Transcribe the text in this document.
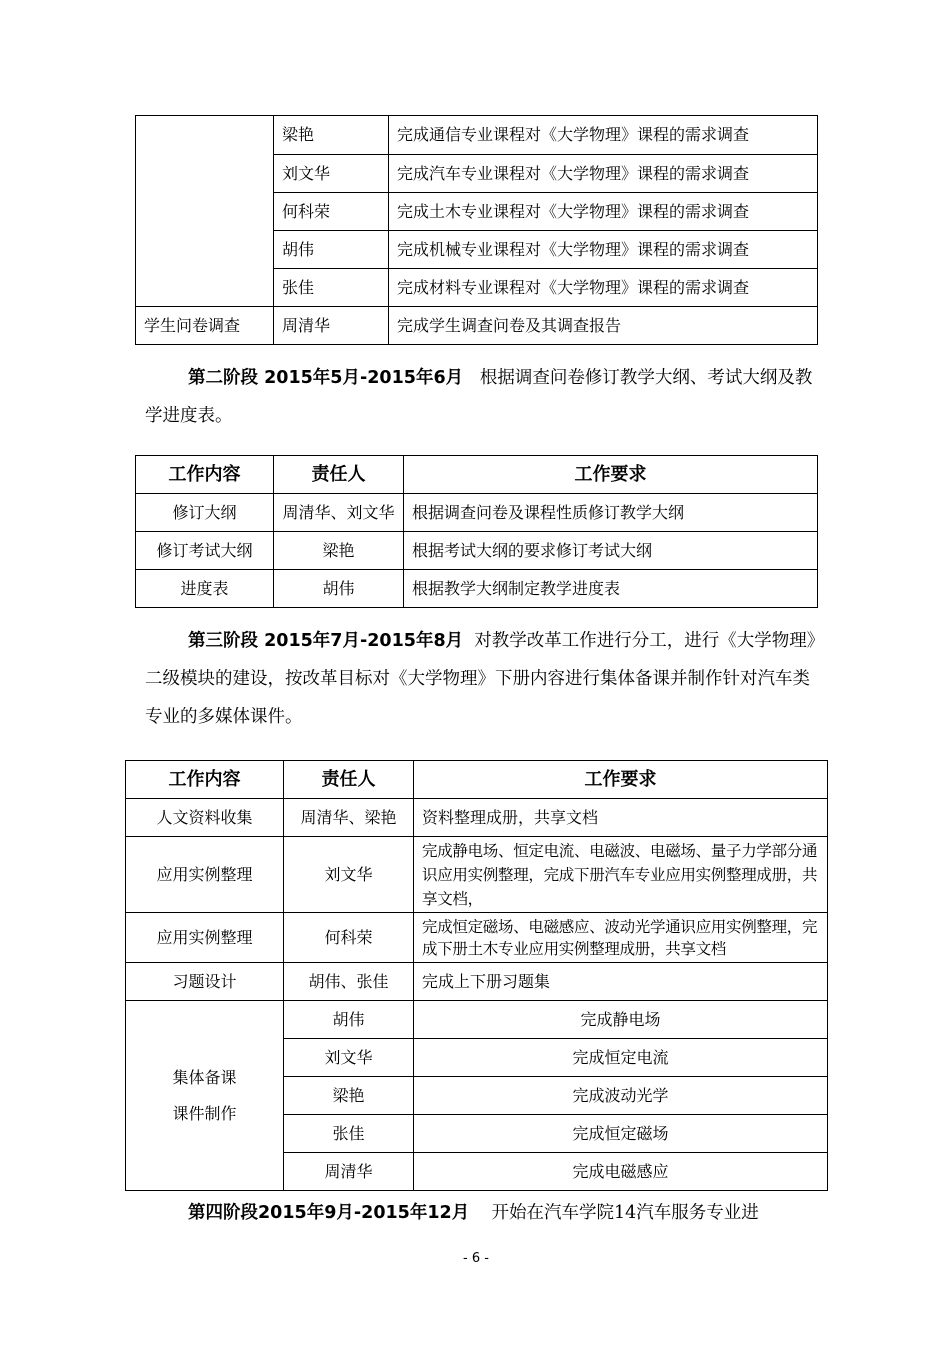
	梁艳	完成通信专业课程对《大学物理》课程的需求调查
	刘文华	完成汽车专业课程对《大学物理》课程的需求调查
	何科荣	完成土木专业课程对《大学物理》课程的需求调查
	胡伟	完成机械专业课程对《大学物理》课程的需求调查
	张佳	完成材料专业课程对《大学物理》课程的需求调查
学生问卷调查	周清华	完成学生调查问卷及其调查报告

第二阶段 2015年5月-2015年6月 根据调查问卷修订教学大纲、考试大纲及教学进度表。

工作内容	责任人	工作要求
修订大纲	周清华、刘文华	根据调查问卷及课程性质修订教学大纲
修订考试大纲	梁艳	根据考试大纲的要求修订考试大纲
进度表	胡伟	根据教学大纲制定教学进度表

第三阶段 2015年7月-2015年8月 对教学改革工作进行分工，进行《大学物理》二级模块的建设，按改革目标对《大学物理》下册内容进行集体备课并制作针对汽车类专业的多媒体课件。

工作内容	责任人	工作要求
人文资料收集	周清华、梁艳	资料整理成册，共享文档
应用实例整理	刘文华	完成静电场、恒定电流、电磁波、电磁场、量子力学部分通识应用实例整理，完成下册汽车专业应用实例整理成册，共享文档，
应用实例整理	何科荣	完成恒定磁场、电磁感应、波动光学通识应用实例整理，完成下册土木专业应用实例整理成册，共享文档
习题设计	胡伟、张佳	完成上下册习题集

集体备课
课件制作	胡伟	完成静电场
	刘文华	完成恒定电流
	梁艳	完成波动光学
	张佳	完成恒定磁场
	周清华	完成电磁感应

第四阶段2015年9月-2015年12月 开始在汽车学院14汽车服务专业进

- 6 -
